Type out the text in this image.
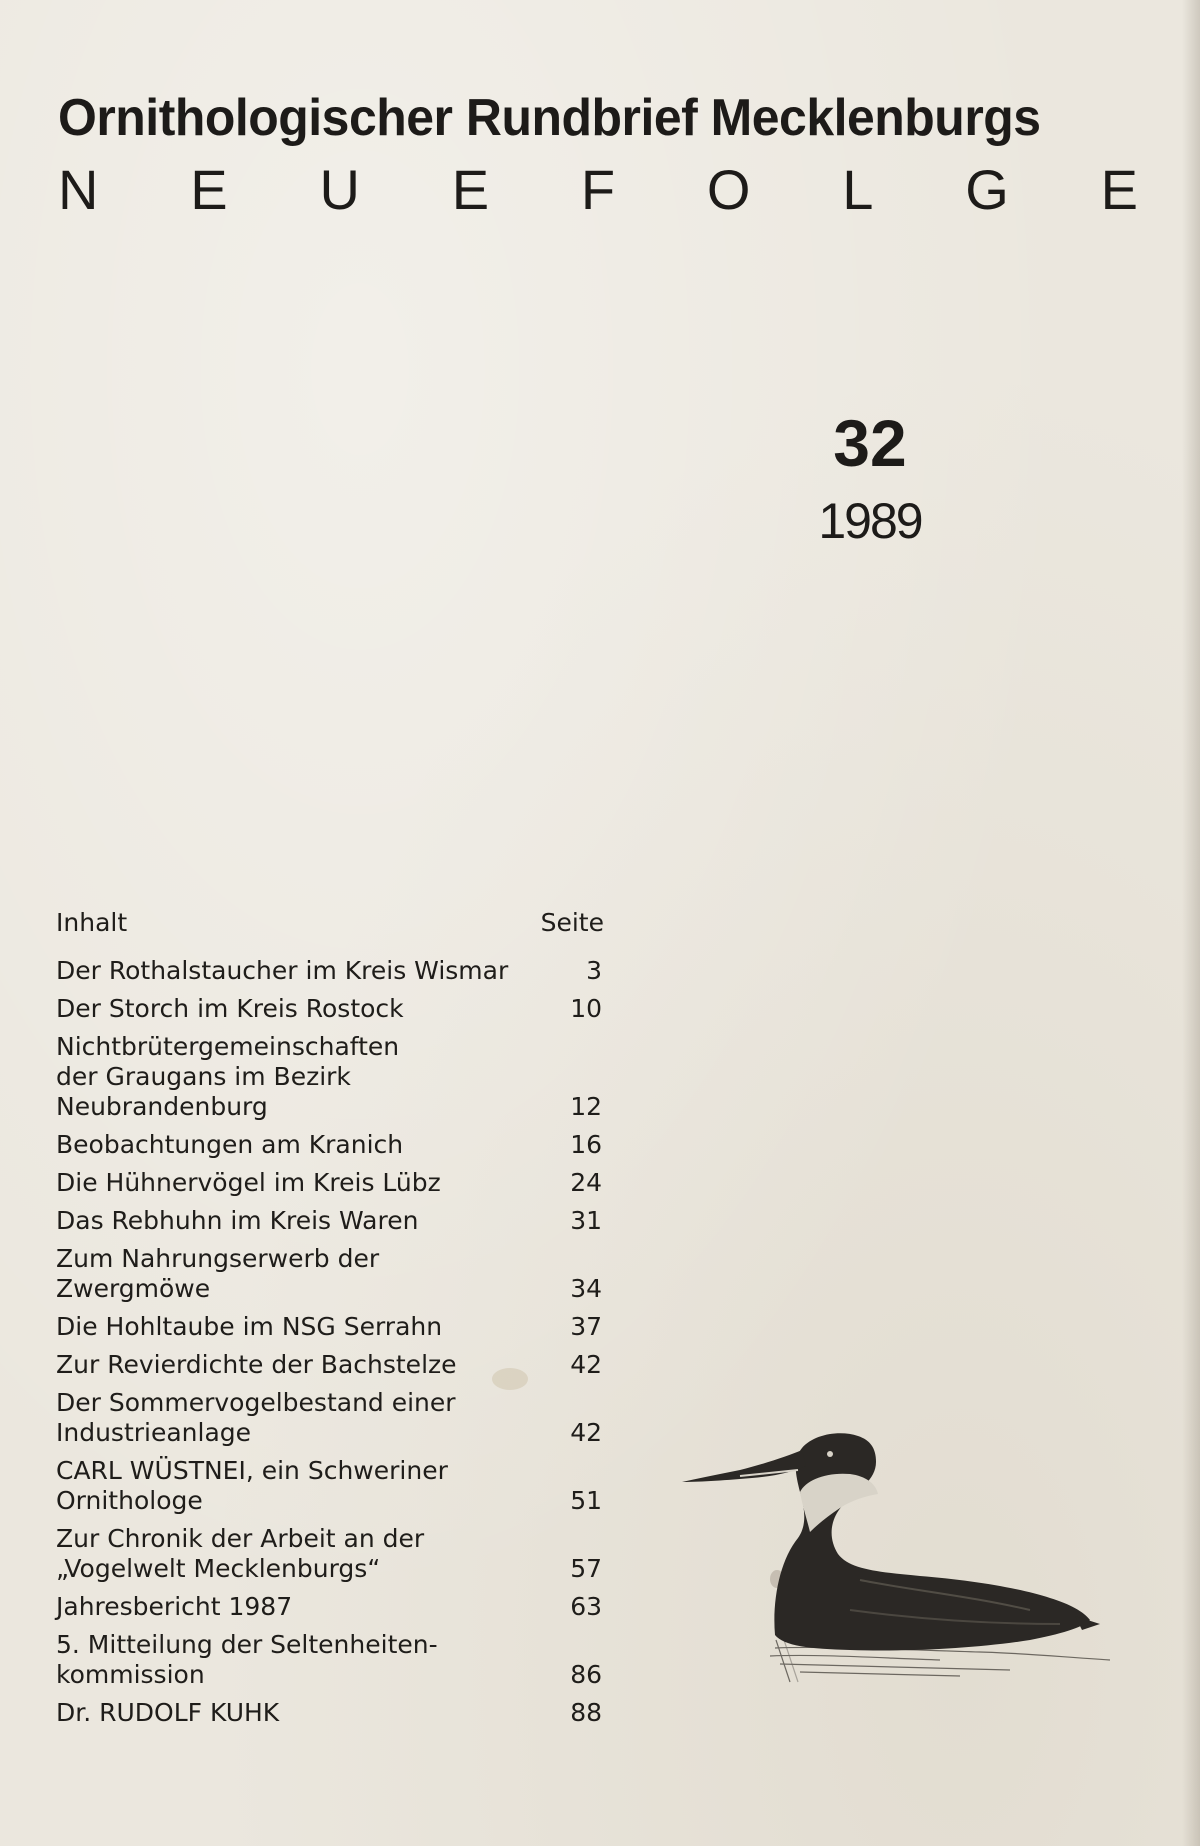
Ornithologischer Rundbrief Mecklenburgs
N E U E F O L G E
32
1989
Inhalt	Seite
Der Rothalstaucher im Kreis Wismar	3
Der Storch im Kreis Rostock	10
Nichtbrütergemeinschaften
der Graugans im Bezirk
Neubrandenburg	12
Beobachtungen am Kranich	16
Die Hühnervögel im Kreis Lübz	24
Das Rebhuhn im Kreis Waren	31
Zum Nahrungserwerb der
Zwergmöwe	34
Die Hohltaube im NSG Serrahn	37
Zur Revierdichte der Bachstelze	42
Der Sommervogelbestand einer
Industrieanlage	42
CARL WÜSTNEI, ein Schweriner
Ornithologe	51
Zur Chronik der Arbeit an der
„Vogelwelt Mecklenburgs“	57
Jahresbericht 1987	63
5. Mitteilung der Seltenheiten-
kommission	86
Dr. RUDOLF KUHK	88
